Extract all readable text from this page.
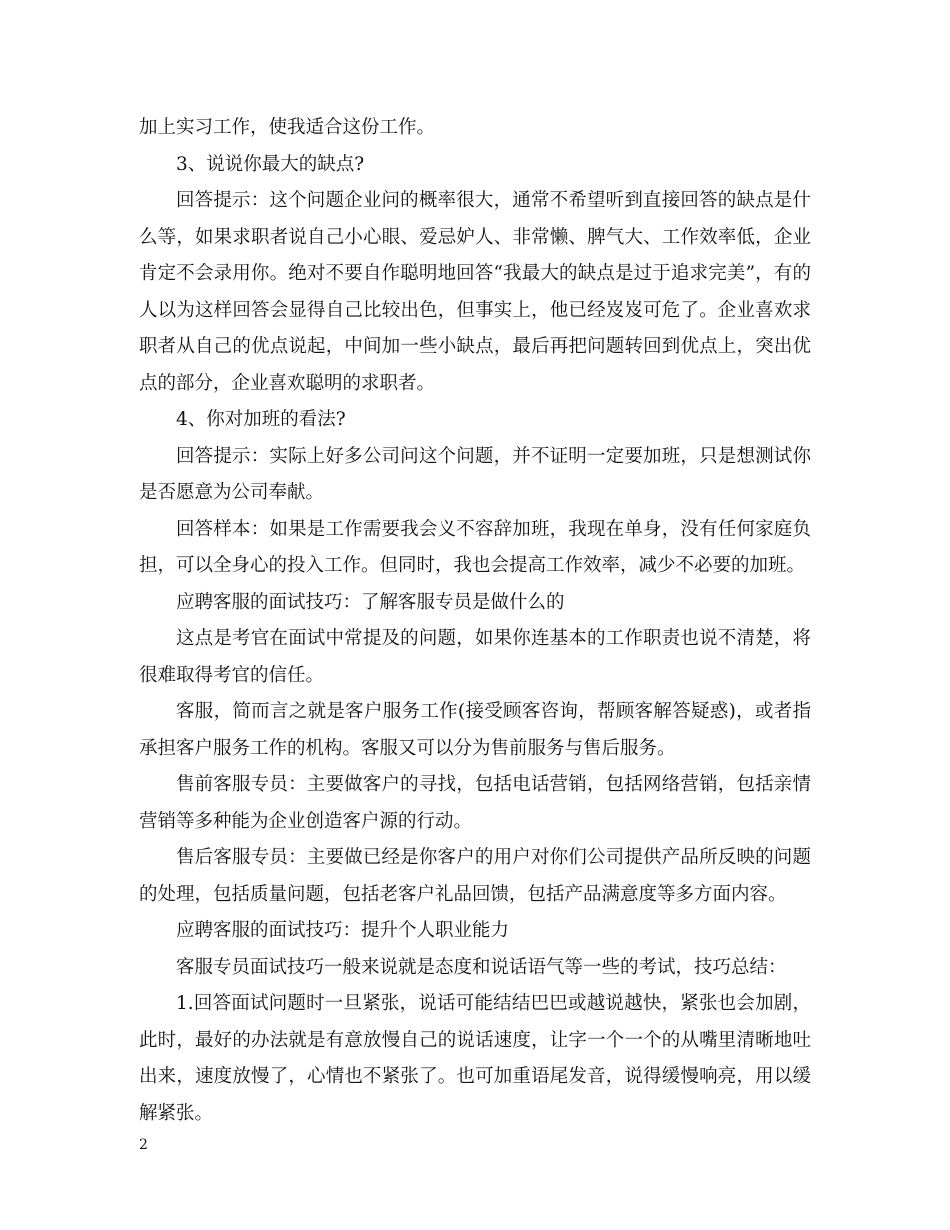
加上实习工作，使我适合这份工作。

3、说说你最大的缺点?

回答提示：这个问题企业问的概率很大，通常不希望听到直接回答的缺点是什么等，如果求职者说自己小心眼、爱忌妒人、非常懒、脾气大、工作效率低，企业肯定不会录用你。绝对不要自作聪明地回答“我最大的缺点是过于追求完美”，有的人以为这样回答会显得自己比较出色，但事实上，他已经岌岌可危了。企业喜欢求职者从自己的优点说起，中间加一些小缺点，最后再把问题转回到优点上，突出优点的部分，企业喜欢聪明的求职者。

4、你对加班的看法?

回答提示：实际上好多公司问这个问题，并不证明一定要加班，只是想测试你是否愿意为公司奉献。

回答样本：如果是工作需要我会义不容辞加班，我现在单身，没有任何家庭负担，可以全身心的投入工作。但同时，我也会提高工作效率，减少不必要的加班。

应聘客服的面试技巧：了解客服专员是做什么的

这点是考官在面试中常提及的问题，如果你连基本的工作职责也说不清楚，将很难取得考官的信任。

客服，简而言之就是客户服务工作(接受顾客咨询，帮顾客解答疑惑)，或者指承担客户服务工作的机构。客服又可以分为售前服务与售后服务。

售前客服专员：主要做客户的寻找，包括电话营销，包括网络营销，包括亲情营销等多种能为企业创造客户源的行动。

售后客服专员：主要做已经是你客户的用户对你们公司提供产品所反映的问题的处理，包括质量问题，包括老客户礼品回馈，包括产品满意度等多方面内容。

应聘客服的面试技巧：提升个人职业能力

客服专员面试技巧一般来说就是态度和说话语气等一些的考试，技巧总结：

1.回答面试问题时一旦紧张，说话可能结结巴巴或越说越快，紧张也会加剧，此时，最好的办法就是有意放慢自己的说话速度，让字一个一个的从嘴里清晰地吐出来，速度放慢了，心情也不紧张了。也可加重语尾发音，说得缓慢响亮，用以缓解紧张。

2
